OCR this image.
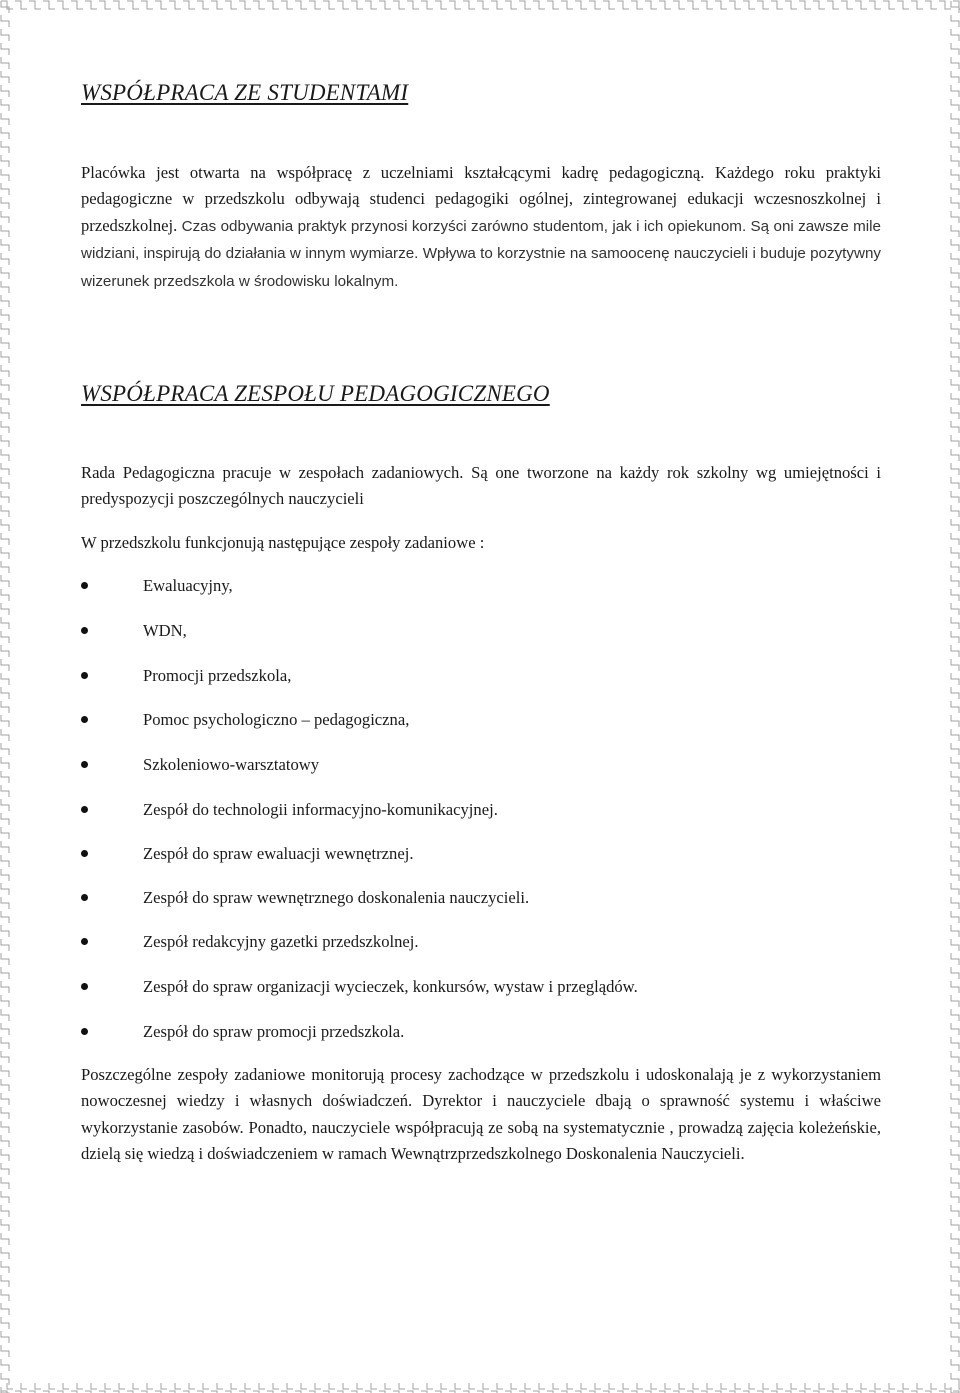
WSPÓŁPRACA ZE STUDENTAMI

Placówka jest otwarta na współpracę z uczelniami kształcącymi kadrę pedagogiczną. Każdego roku praktyki pedagogiczne w przedszkolu odbywają studenci pedagogiki ogólnej, zintegrowanej edukacji wczesnoszkolnej i przedszkolnej. Czas odbywania praktyk przynosi korzyści zarówno studentom, jak i ich opiekunom. Są oni zawsze mile widziani, inspirują do działania w innym wymiarze. Wpływa to korzystnie na samoocenę nauczycieli i buduje pozytywny wizerunek przedszkola w środowisku lokalnym.

WSPÓŁPRACA ZESPOŁU PEDAGOGICZNEGO

Rada Pedagogiczna pracuje w zespołach zadaniowych. Są one tworzone na każdy rok szkolny wg umiejętności i predyspozycji poszczególnych nauczycieli

W przedszkolu funkcjonują następujące zespoły zadaniowe :

Ewaluacyjny,
WDN,
Promocji przedszkola,
Pomoc psychologiczno – pedagogiczna,
Szkoleniowo-warsztatowy
Zespół do technologii informacyjno-komunikacyjnej.
Zespół do spraw ewaluacji wewnętrznej.
Zespół do spraw wewnętrznego doskonalenia nauczycieli.
Zespół redakcyjny gazetki przedszkolnej.
Zespół do spraw organizacji wycieczek, konkursów, wystaw i przeglądów.
Zespół do spraw promocji przedszkola.

Poszczególne zespoły zadaniowe monitorują procesy zachodzące w przedszkolu i udoskonalają je z wykorzystaniem nowoczesnej wiedzy i własnych doświadczeń. Dyrektor i nauczyciele dbają o sprawność systemu i właściwe wykorzystanie zasobów. Ponadto, nauczyciele współpracują ze sobą na systematycznie , prowadzą zajęcia koleżeńskie, dzielą się wiedzą i doświadczeniem w ramach Wewnątrzprzedszkolnego Doskonalenia Nauczycieli.
